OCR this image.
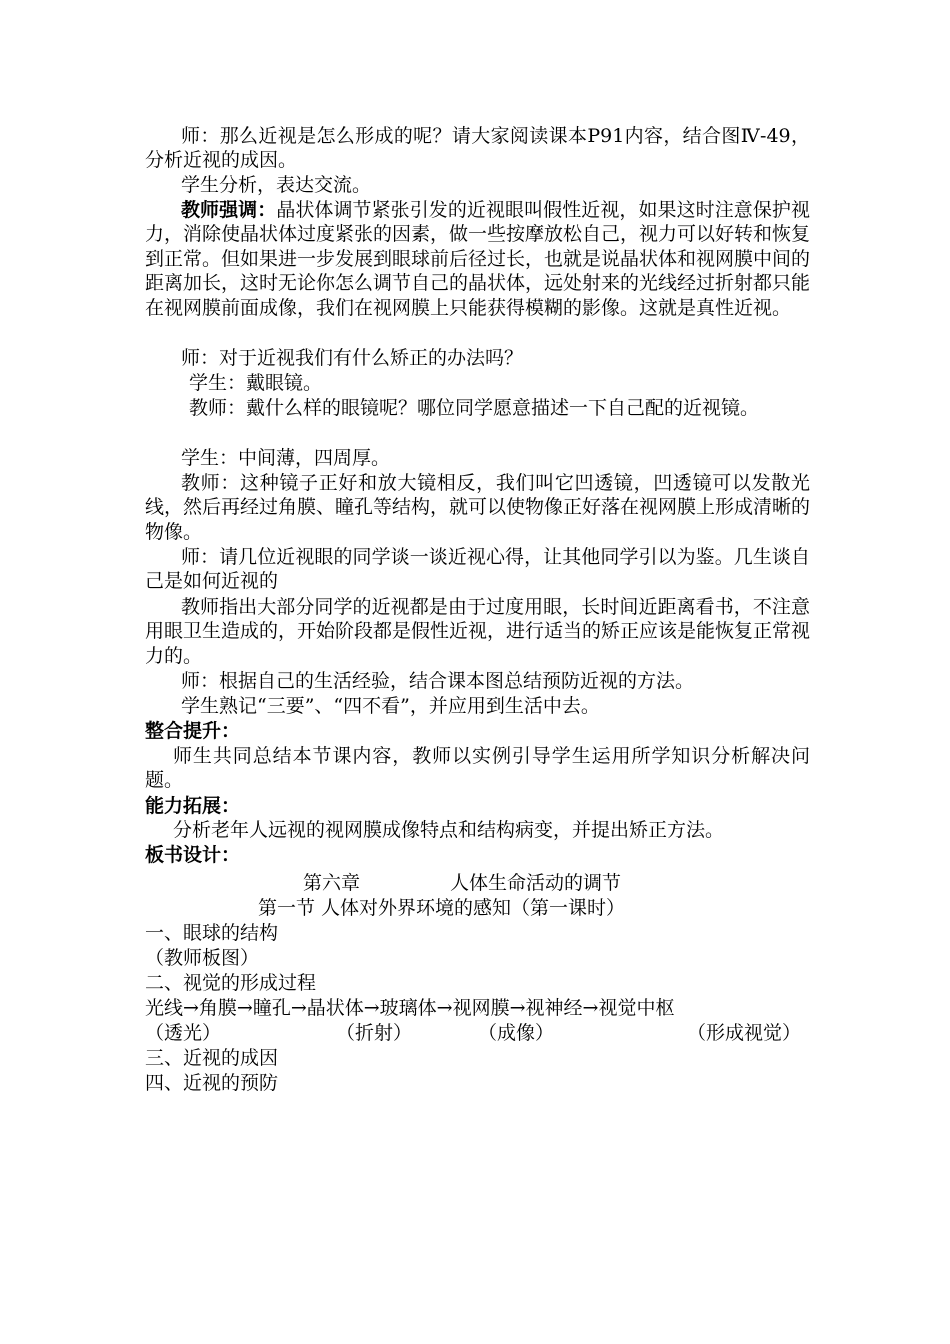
师：那么近视是怎么形成的呢？请大家阅读课本P91内容，结合图Ⅳ-49，分析近视的成因。

学生分析，表达交流。

教师强调：晶状体调节紧张引发的近视眼叫假性近视，如果这时注意保护视力，消除使晶状体过度紧张的因素，做一些按摩放松自己，视力可以好转和恢复到正常。但如果进一步发展到眼球前后径过长，也就是说晶状体和视网膜中间的距离加长，这时无论你怎么调节自己的晶状体，远处射来的光线经过折射都只能在视网膜前面成像，我们在视网膜上只能获得模糊的影像。这就是真性近视。

师：对于近视我们有什么矫正的办法吗？

学生：戴眼镜。

教师：戴什么样的眼镜呢？哪位同学愿意描述一下自己配的近视镜。

学生：中间薄，四周厚。

教师：这种镜子正好和放大镜相反，我们叫它凹透镜，凹透镜可以发散光线，然后再经过角膜、瞳孔等结构，就可以使物像正好落在视网膜上形成清晰的物像。

师：请几位近视眼的同学谈一谈近视心得，让其他同学引以为鉴。几生谈自己是如何近视的

教师指出大部分同学的近视都是由于过度用眼，长时间近距离看书，不注意用眼卫生造成的，开始阶段都是假性近视，进行适当的矫正应该是能恢复正常视力的。

师：根据自己的生活经验，结合课本图总结预防近视的方法。

学生熟记“三要”、“四不看”，并应用到生活中去。

整合提升：

师生共同总结本节课内容，教师以实例引导学生运用所学知识分析解决问题。

能力拓展：

分析老年人远视的视网膜成像特点和结构病变，并提出矫正方法。

板书设计：

第六章	人体生命活动的调节

第一节 人体对外界环境的感知（第一课时）

一、眼球的结构

（教师板图）

二、视觉的形成过程

光线→角膜→瞳孔→晶状体→玻璃体→视网膜→视神经→视觉中枢

（透光）	（折射）	（成像）	（形成视觉）

三、近视的成因

四、近视的预防
